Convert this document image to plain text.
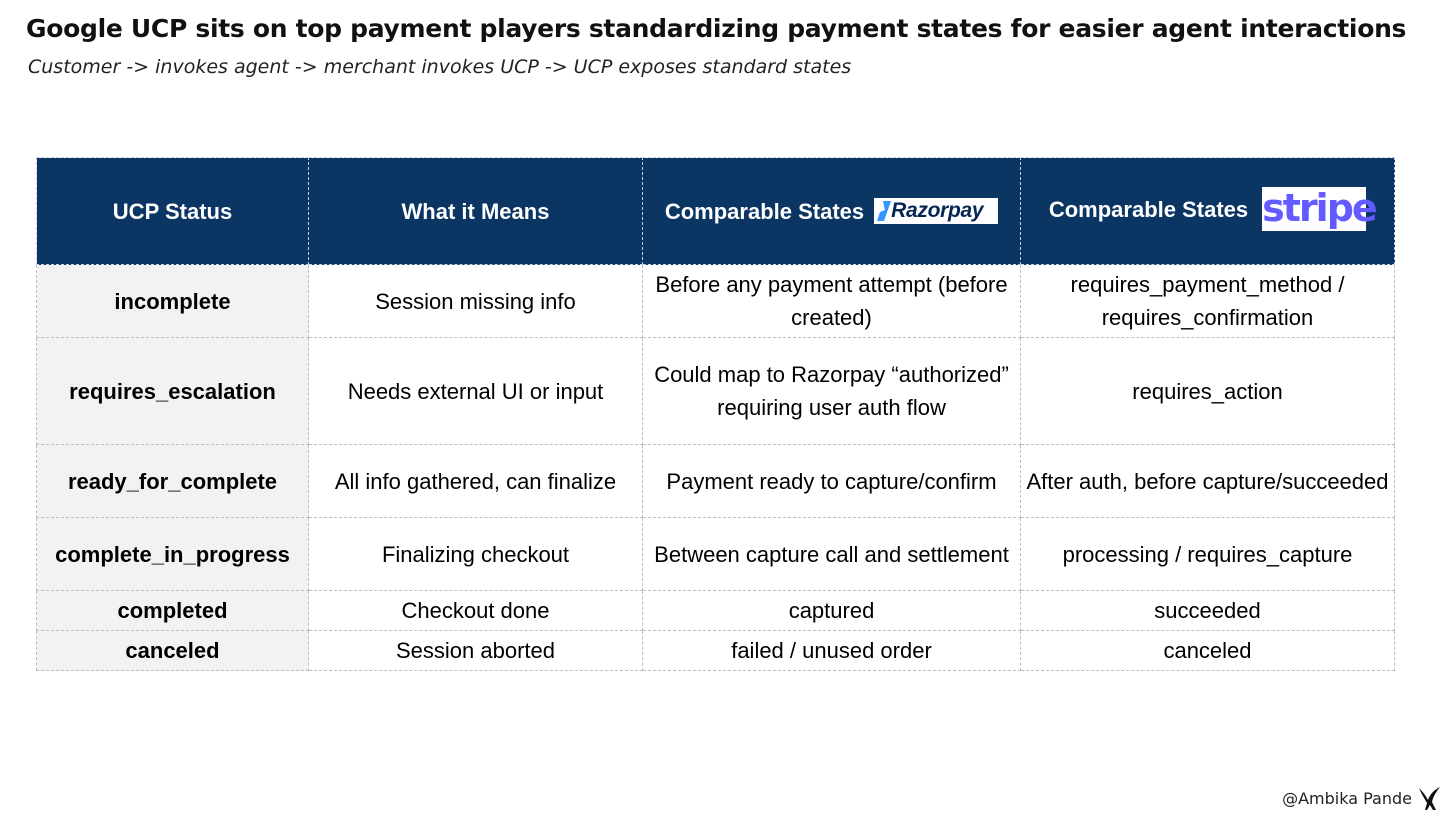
Google UCP sits on top payment players standardizing payment states for easier agent interactions
Customer -> invokes agent -> merchant invokes UCP -> UCP exposes standard states
UCP Status	What it Means	Comparable States Razorpay	Comparable States stripe
incomplete	Session missing info	Before any payment attempt (before created)	requires_payment_method / requires_confirmation
requires_escalation	Needs external UI or input	Could map to Razorpay “authorized” requiring user auth flow	requires_action
ready_for_complete	All info gathered, can finalize	Payment ready to capture/confirm	After auth, before capture/succeeded
complete_in_progress	Finalizing checkout	Between capture call and settlement	processing / requires_capture
completed	Checkout done	captured	succeeded
canceled	Session aborted	failed / unused order	canceled
@Ambika Pande
